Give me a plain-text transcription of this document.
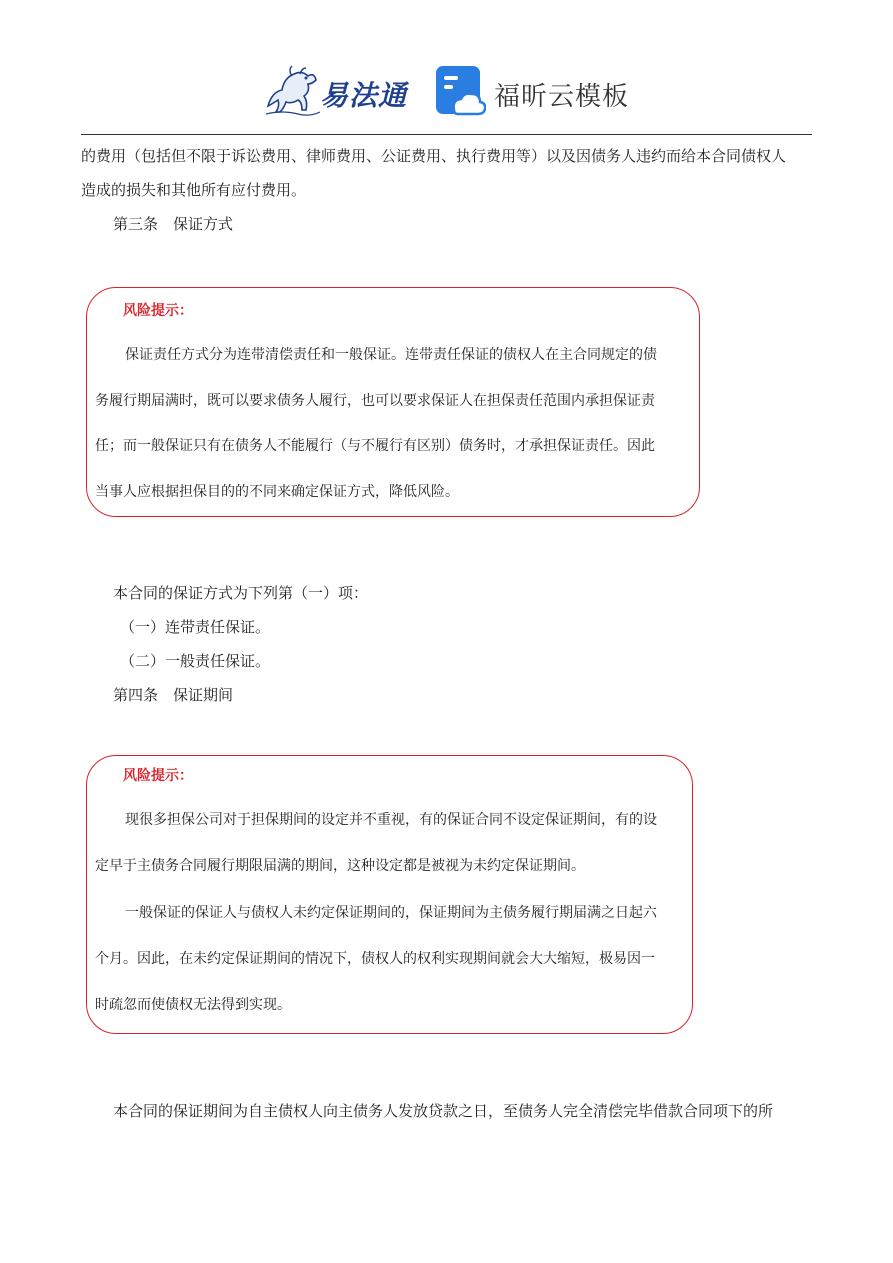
易法通	福昕云模板
的费用（包括但不限于诉讼费用、律师费用、公证费用、执行费用等）以及因债务人违约而给本合同债权人
造成的损失和其他所有应付费用。
第三条　保证方式
风险提示：
保证责任方式分为连带清偿责任和一般保证。连带责任保证的债权人在主合同规定的债
务履行期届满时，既可以要求债务人履行，也可以要求保证人在担保责任范围内承担保证责
任；而一般保证只有在债务人不能履行（与不履行有区别）债务时，才承担保证责任。因此
当事人应根据担保目的的不同来确定保证方式，降低风险。
本合同的保证方式为下列第（一）项：
（一）连带责任保证。
（二）一般责任保证。
第四条　保证期间
风险提示：
现很多担保公司对于担保期间的设定并不重视，有的保证合同不设定保证期间，有的设
定早于主债务合同履行期限届满的期间，这种设定都是被视为未约定保证期间。
一般保证的保证人与债权人未约定保证期间的，保证期间为主债务履行期届满之日起六
个月。因此，在未约定保证期间的情况下，债权人的权利实现期间就会大大缩短，极易因一
时疏忽而使债权无法得到实现。
本合同的保证期间为自主债权人向主债务人发放贷款之日，至债务人完全清偿完毕借款合同项下的所
